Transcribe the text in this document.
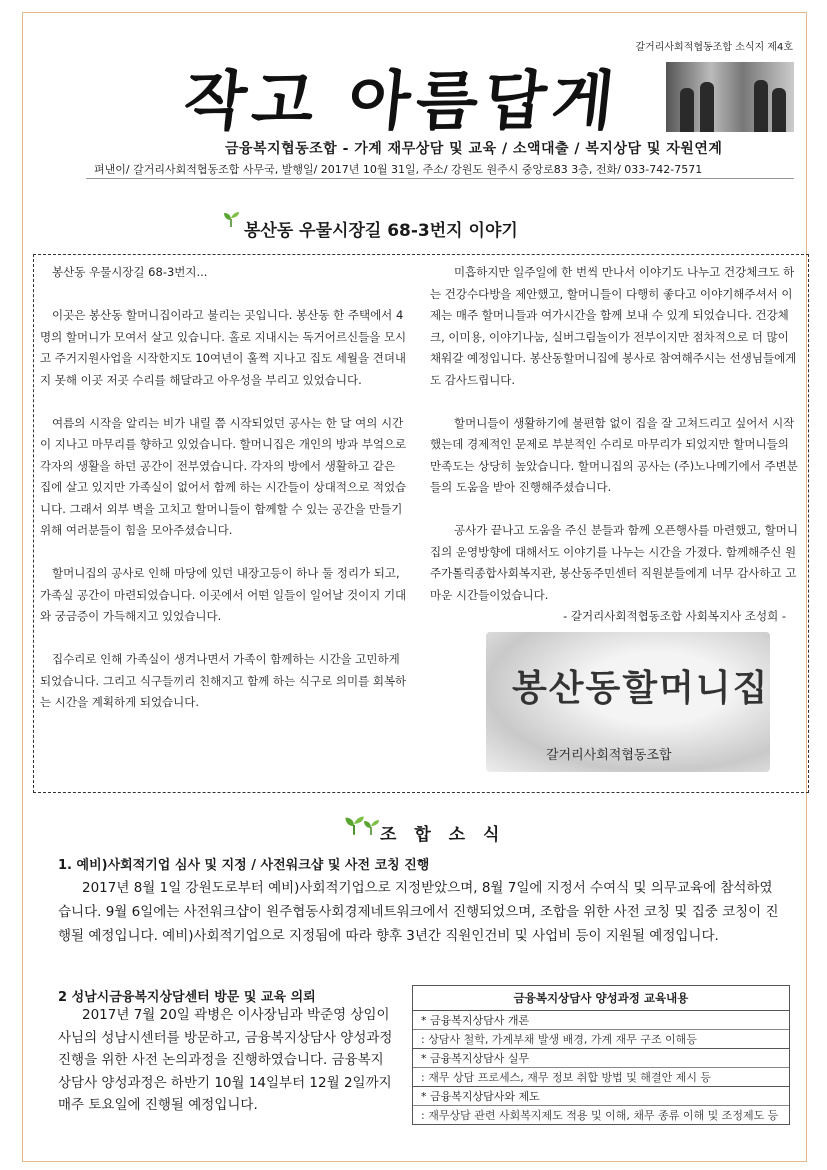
갈거리사회적협동조합 소식지 제4호
작고 아름답게
금융복지협동조합 - 가계 재무상담 및 교육 / 소액대출 / 복지상담 및 자원연계
펴낸이/ 갈거리사회적협동조합 사무국, 발행일/ 2017년 10월 31일, 주소/ 강원도 원주시 중앙로83 3층, 전화/ 033-742-7571
봉산동 우물시장길 68-3번지 이야기

봉산동 우물시장길 68-3번지...

이곳은 봉산동 할머니집이라고 불리는 곳입니다. 봉산동 한 주택에서 4명의 할머니가 모여서 살고 있습니다. 홀로 지내시는 독거어르신들을 모시고 주거지원사업을 시작한지도 10여년이 훌쩍 지나고 집도 세월을 견뎌내지 못해 이곳 저곳 수리를 해달라고 아우성을 부리고 있었습니다.

여름의 시작을 알리는 비가 내릴 쯤 시작되었던 공사는 한 달 여의 시간이 지나고 마무리를 향하고 있었습니다. 할머니집은 개인의 방과 부엌으로 각자의 생활을 하던 공간이 전부였습니다. 각자의 방에서 생활하고 같은 집에 살고 있지만 가족실이 없어서 함께 하는 시간들이 상대적으로 적었습니다. 그래서 외부 벽을 고치고 할머니들이 함께할 수 있는 공간을 만들기 위해 여러분들이 힘을 모아주셨습니다.

할머니집의 공사로 인해 마당에 있던 내장고등이 하나 둘 정리가 되고, 가족실 공간이 마련되었습니다. 이곳에서 어떤 일들이 일어날 것이지 기대와 궁금증이 가득해지고 있었습니다.

집수리로 인해 가족실이 생겨나면서 가족이 함께하는 시간을 고민하게 되었습니다. 그리고 식구들끼리 친해지고 함께 하는 식구로 의미를 회복하는 시간을 계획하게 되었습니다.

미흡하지만 일주일에 한 번씩 만나서 이야기도 나누고 건강체크도 하는 건강수다방을 제안했고, 할머니들이 다행히 좋다고 이야기해주셔서 이제는 매주 할머니들과 여가시간을 함께 보내 수 있게 되었습니다. 건강체크, 이미용, 이야기나눔, 실버그림놀이가 전부이지만 점차적으로 더 많이 채워갈 예정입니다. 봉산동할머니집에 봉사로 참여해주시는 선생님들에게도 감사드립니다.

할머니들이 생활하기에 불편함 없이 집을 잘 고쳐드리고 싶어서 시작했는데 경제적인 문제로 부분적인 수리로 마무리가 되었지만 할머니들의 만족도는 상당히 높았습니다. 할머니집의 공사는 (주)노나메기에서 주변분들의 도움을 받아 진행해주셨습니다.

공사가 끝나고 도움을 주신 분들과 함께 오픈행사를 마련했고, 할머니집의 운영방향에 대해서도 이야기를 나누는 시간을 가졌다. 함께해주신 원주가톨릭종합사회복지관, 봉산동주민센터 직원분들에게 너무 감사하고 고마운 시간들이었습니다.

- 갈거리사회적협동조합 사회복지사 조성희 -

봉산동할머니집
갈거리사회적협동조합
조 합 소 식
1. 예비)사회적기업 심사 및 지정 / 사전워크샵 및 사전 코칭 진행
2017년 8월 1일 강원도로부터 예비)사회적기업으로 지정받았으며, 8월 7일에 지정서 수여식 및 의무교육에 참석하였습니다. 9월 6일에는 사전워크샵이 원주협동사회경제네트워크에서 진행되었으며, 조합을 위한 사전 코칭 및 집중 코칭이 진행될 예정입니다. 예비)사회적기업으로 지정됨에 따라 향후 3년간 직원인건비 및 사업비 등이 지원될 예정입니다.
2 성남시금융복지상담센터 방문 및 교육 의뢰
2017년 7월 20일 곽병은 이사장님과 박준영 상임이사님의 성남시센터를 방문하고, 금융복지상담사 양성과정 진행을 위한 사전 논의과정을 진행하였습니다. 금융복지상담사 양성과정은 하반기 10월 14일부터 12월 2일까지 매주 토요일에 진행될 예정입니다.
금융복지상담사 양성과정 교육내용
* 금융복지상담사 개론
: 상담사 철학, 가계부채 발생 배경, 가계 재무 구조 이해등
* 금융복지상담사 실무
: 재무 상담 프로세스, 재무 정보 취합 방법 및 해결안 제시 등
* 금융복지상담사와 제도
: 재무상담 관련 사회복지제도 적용 및 이해, 채무 종류 이해 및 조정제도 등
